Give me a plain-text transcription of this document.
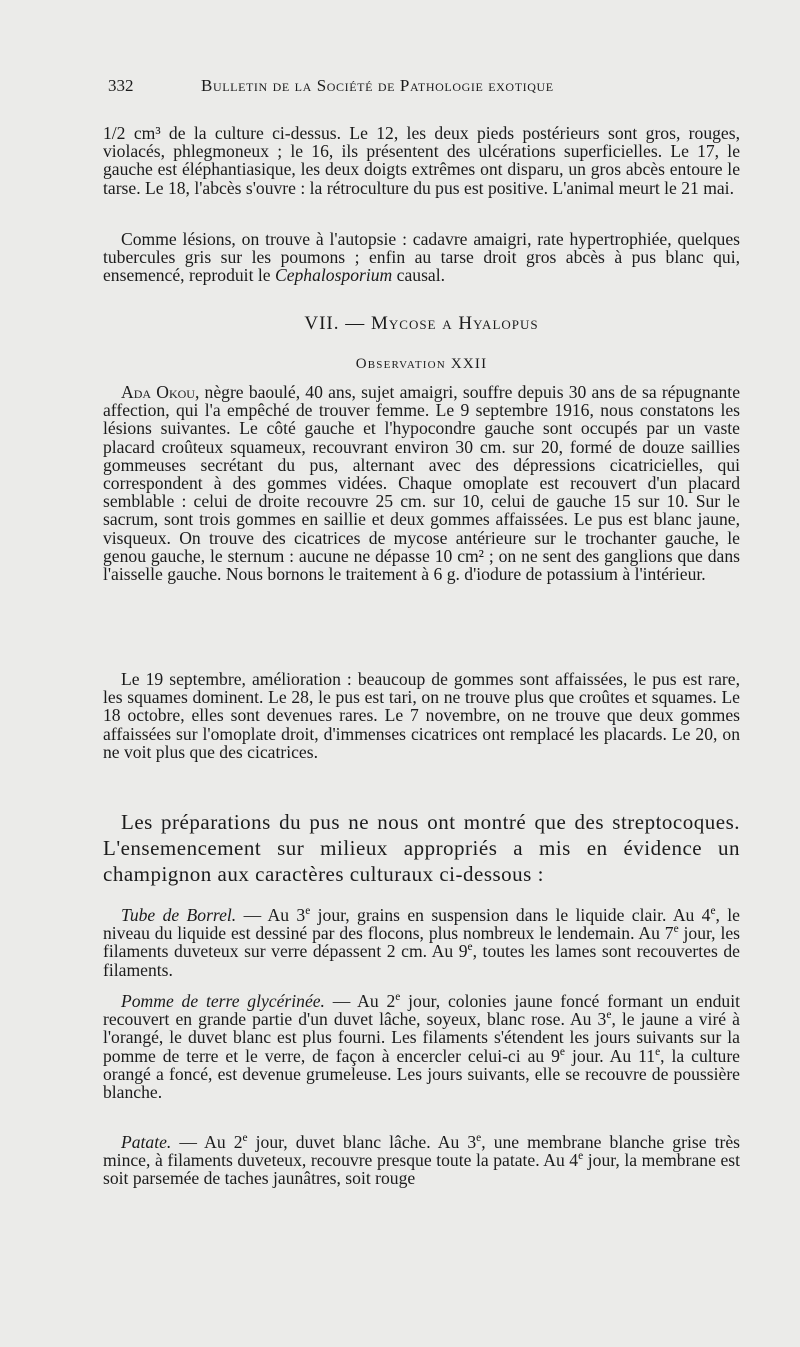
332	Bulletin de la Société de Pathologie exotique

1/2 cm³ de la culture ci-dessus. Le 12, les deux pieds postérieurs sont gros, rouges, violacés, phlegmoneux ; le 16, ils présentent des ulcérations superficielles. Le 17, le gauche est éléphantiasique, les deux doigts extrêmes ont disparu, un gros abcès entoure le tarse. Le 18, l'abcès s'ouvre : la rétroculture du pus est positive. L'animal meurt le 21 mai.

Comme lésions, on trouve à l'autopsie : cadavre amaigri, rate hypertrophiée, quelques tubercules gris sur les poumons ; enfin au tarse droit gros abcès à pus blanc qui, ensemencé, reproduit le Cephalosporium causal.

VII. — Mycose a Hyalopus
Observation XXII

Ada Okou, nègre baoulé, 40 ans, sujet amaigri, souffre depuis 30 ans de sa répugnante affection, qui l'a empêché de trouver femme. Le 9 septembre 1916, nous constatons les lésions suivantes. Le côté gauche et l'hypocondre gauche sont occupés par un vaste placard croûteux squameux, recouvrant environ 30 cm. sur 20, formé de douze saillies gommeuses secrétant du pus, alternant avec des dépressions cicatricielles, qui correspondent à des gommes vidées. Chaque omoplate est recouvert d'un placard semblable : celui de droite recouvre 25 cm. sur 10, celui de gauche 15 sur 10. Sur le sacrum, sont trois gommes en saillie et deux gommes affaissées. Le pus est blanc jaune, visqueux. On trouve des cicatrices de mycose antérieure sur le trochanter gauche, le genou gauche, le sternum : aucune ne dépasse 10 cm² ; on ne sent des ganglions que dans l'aisselle gauche. Nous bornons le traitement à 6 g. d'iodure de potassium à l'intérieur.

Le 19 septembre, amélioration : beaucoup de gommes sont affaissées, le pus est rare, les squames dominent. Le 28, le pus est tari, on ne trouve plus que croûtes et squames. Le 18 octobre, elles sont devenues rares. Le 7 novembre, on ne trouve que deux gommes affaissées sur l'omoplate droit, d'immenses cicatrices ont remplacé les placards. Le 20, on ne voit plus que des cicatrices.

Les préparations du pus ne nous ont montré que des streptocoques. L'ensemencement sur milieux appropriés a mis en évidence un champignon aux caractères culturaux ci-dessous :

Tube de Borrel. — Au 3e jour, grains en suspension dans le liquide clair. Au 4e, le niveau du liquide est dessiné par des flocons, plus nombreux le lendemain. Au 7e jour, les filaments duveteux sur verre dépassent 2 cm. Au 9e, toutes les lames sont recouvertes de filaments.

Pomme de terre glycérinée. — Au 2e jour, colonies jaune foncé formant un enduit recouvert en grande partie d'un duvet lâche, soyeux, blanc rose. Au 3e, le jaune a viré à l'orangé, le duvet blanc est plus fourni. Les filaments s'étendent les jours suivants sur la pomme de terre et le verre, de façon à encercler celui-ci au 9e jour. Au 11e, la culture orangé a foncé, est devenue grumeleuse. Les jours suivants, elle se recouvre de poussière blanche.

Patate. — Au 2e jour, duvet blanc lâche. Au 3e, une membrane blanche grise très mince, à filaments duveteux, recouvre presque toute la patate. Au 4e jour, la membrane est soit parsemée de taches jaunâtres, soit rouge
